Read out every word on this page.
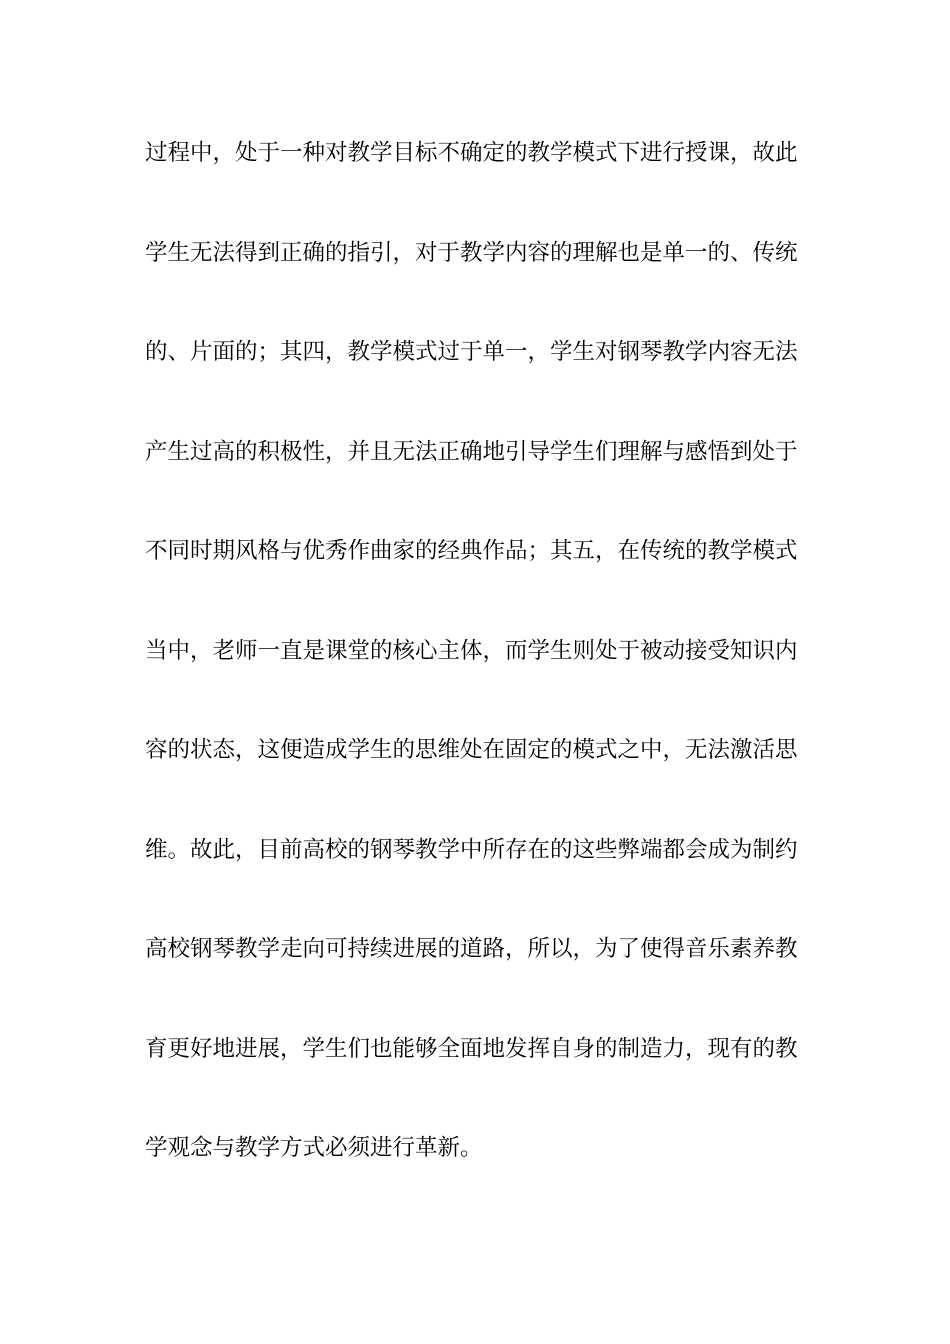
过程中，处于一种对教学目标不确定的教学模式下进行授课，故此
学生无法得到正确的指引，对于教学内容的理解也是单一的、传统
的、片面的；其四，教学模式过于单一，学生对钢琴教学内容无法
产生过高的积极性，并且无法正确地引导学生们理解与感悟到处于
不同时期风格与优秀作曲家的经典作品；其五，在传统的教学模式
当中，老师一直是课堂的核心主体，而学生则处于被动接受知识内
容的状态，这便造成学生的思维处在固定的模式之中，无法激活思
维。故此，目前高校的钢琴教学中所存在的这些弊端都会成为制约
高校钢琴教学走向可持续进展的道路，所以，为了使得音乐素养教
育更好地进展，学生们也能够全面地发挥自身的制造力，现有的教
学观念与教学方式必须进行革新。
